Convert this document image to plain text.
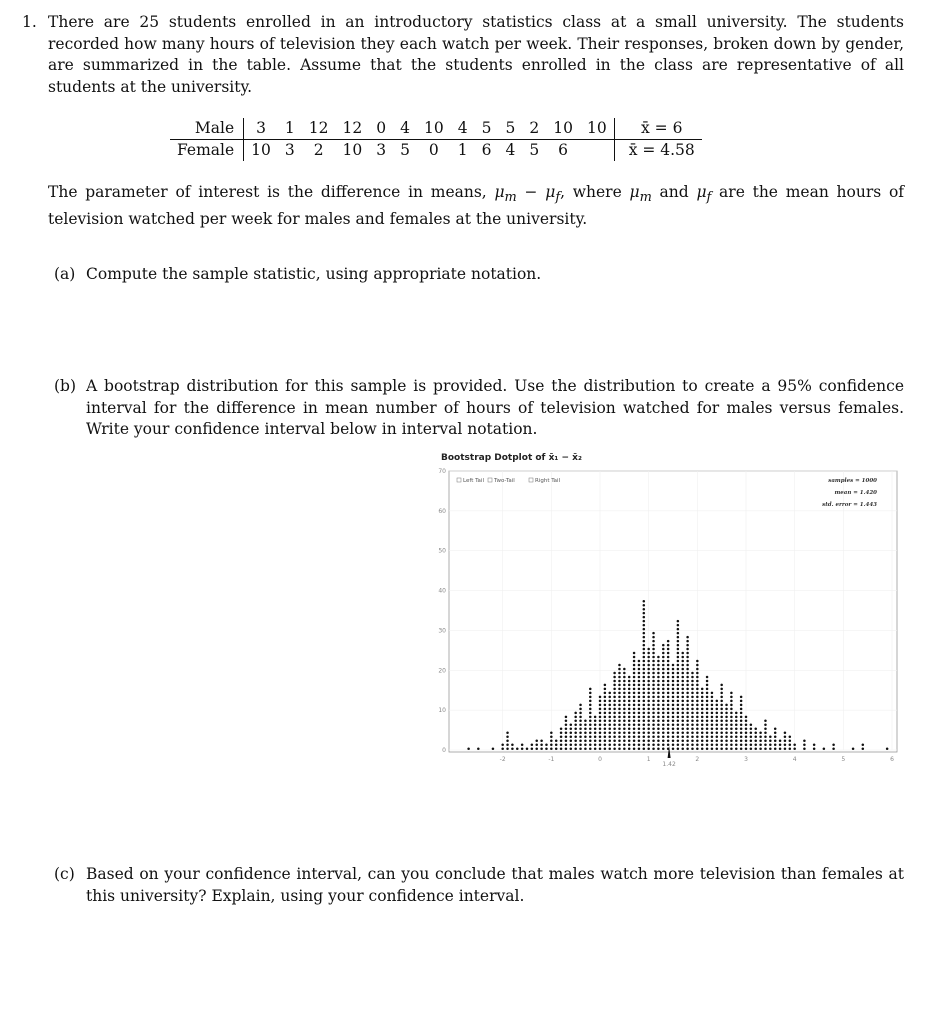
1. There are 25 students enrolled in an introductory statistics class at a small university. The students recorded how many hours of television they each watch per week. Their responses, broken down by gender, are summarized in the table. Assume that the students enrolled in the class are representative of all students at the university.
Male	3	1	12	12	0	4	10	4	5	5	2	10	10	x̄ = 6
Female	10	3	2	10	3	5	0	1	6	4	5	6		x̄ = 4.58
The parameter of interest is the difference in means, $\mu_m - \mu_f$, where $\mu_m$ and $\mu_f$ are the mean hours of television watched per week for males and females at the university.
(a) Compute the sample statistic, using appropriate notation.
(b) A bootstrap distribution for this sample is provided. Use the distribution to create a 95% confidence interval for the difference in mean number of hours of television watched for males versus females. Write your confidence interval below in interval notation.
Bootstrap Dotplot of x̄₁ − x̄₂
0
10
20
30
40
50
60
70
-2	-1	0	1	2	3	4	5	6
Left Tail Two-Tail	Right Tail	samples = 1000
mean = 1.420
std. error = 1.443
1.42
(c) Based on your confidence interval, can you conclude that males watch more television than females at this university? Explain, using your confidence interval.
